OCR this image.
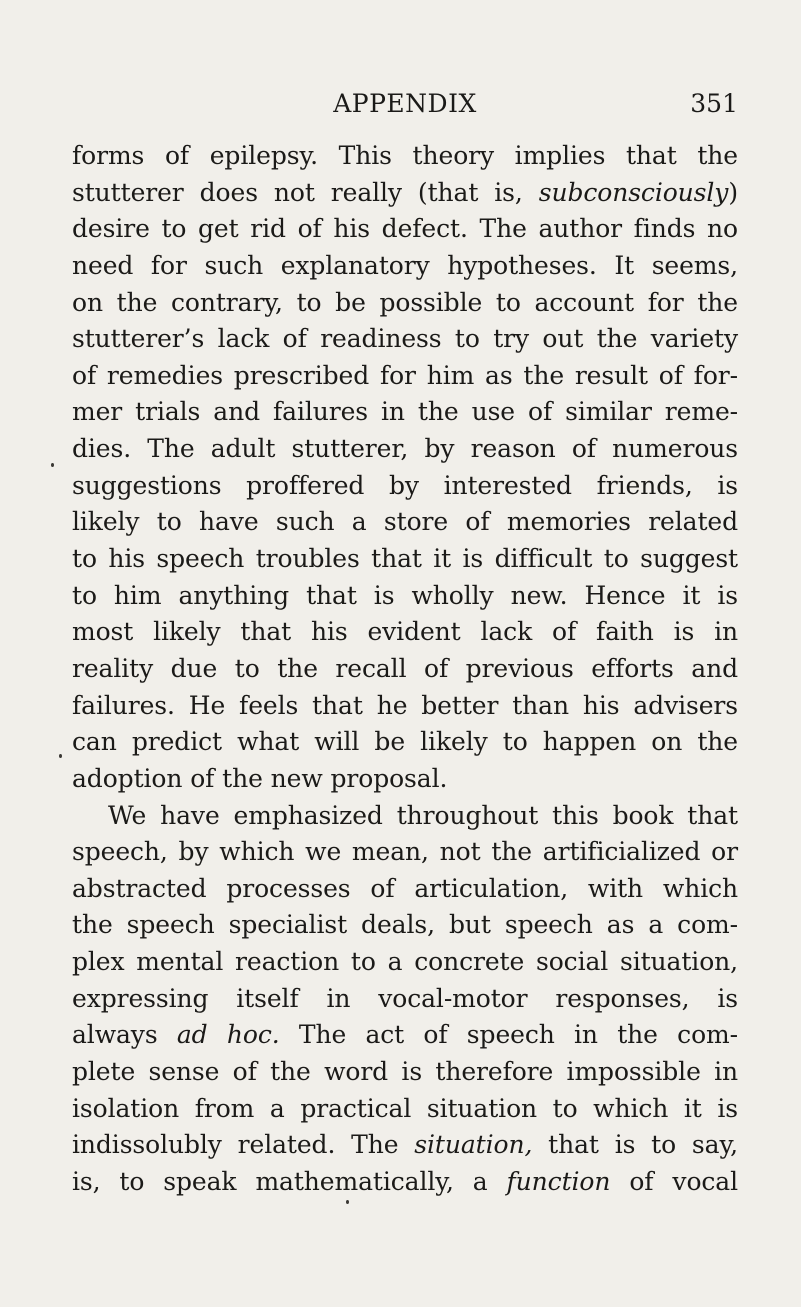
APPENDIX	351
forms of epilepsy. This theory implies that the
stutterer does not really (that is, subconsciously)
desire to get rid of his defect. The author finds no
need for such explanatory hypotheses. It seems,
on the contrary, to be possible to account for the
stutterer’s lack of readiness to try out the variety
of remedies prescribed for him as the result of for-
mer trials and failures in the use of similar reme-
dies. The adult stutterer, by reason of numerous
suggestions proffered by interested friends, is
likely to have such a store of memories related
to his speech troubles that it is difficult to suggest
to him anything that is wholly new. Hence it is
most likely that his evident lack of faith is in
reality due to the recall of previous efforts and
failures. He feels that he better than his advisers
can predict what will be likely to happen on the
adoption of the new proposal.
We have emphasized throughout this book that
speech, by which we mean, not the artificialized or
abstracted processes of articulation, with which
the speech specialist deals, but speech as a com-
plex mental reaction to a concrete social situation,
expressing itself in vocal-motor responses, is
always ad hoc. The act of speech in the com-
plete sense of the word is therefore impossible in
isolation from a practical situation to which it is
indissolubly related. The situation, that is to say,
is, to speak mathematically, a function of vocal
